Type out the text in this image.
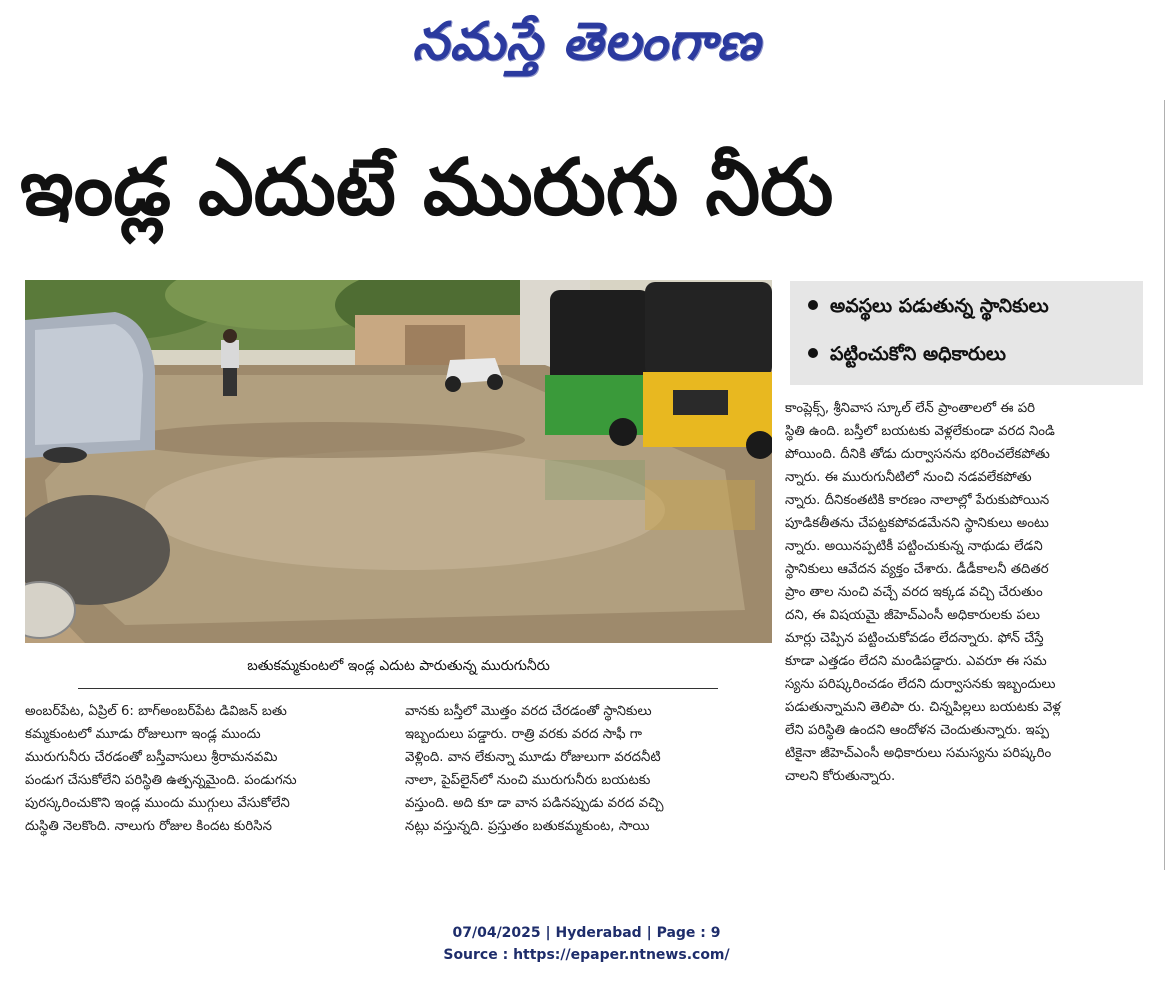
నమస్తే తెలంగాణ
ఇండ్ల ఎదుటే మురుగు నీరు
బతుకమ్మకుంటలో ఇండ్ల ఎదుట పారుతున్న మురుగునీరు
అవస్థలు పడుతున్న స్థానికులు
పట్టించుకోని అధికారులు
కాంప్లెక్స్, శ్రీనివాస స్కూల్ లేన్ ప్రాంతాలలో ఈ పరి
స్థితి ఉంది. బస్తీలో బయటకు వెళ్లలేకుండా వరద నిండి
పోయింది. దీనికి తోడు దుర్వాసనను భరించలేకపోతు
న్నారు. ఈ మురుగునీటిలో నుంచి నడవలేకపోతు
న్నారు. దీనికంతటికి కారణం నాలాల్లో పేరుకుపోయిన
పూడికతీతను చేపట్టకపోవడమేనని స్థానికులు అంటు
న్నారు. అయినప్పటికీ పట్టించుకున్న నాథుడు లేడని
స్థానికులు ఆవేదన వ్యక్తం చేశారు. డీడీకాలనీ తదితర
ప్రాం తాల నుంచి వచ్చే వరద ఇక్కడ వచ్చి చేరుతుం
దని, ఈ విషయమై జీహెచ్‌ఎంసీ అధికారులకు పలు
మార్లు చెప్పిన పట్టించుకోవడం లేదన్నారు. ఫోన్ చేస్తే
కూడా ఎత్తడం లేదని మండిపడ్డారు. ఎవరూ ఈ సమ
స్యను పరిష్కరించడం లేదని దుర్వాసనకు ఇబ్బందులు
పడుతున్నామని తెలిపా రు. చిన్నపిల్లలు బయటకు వెళ్ల
లేని పరిస్థితి ఉందని ఆందోళన చెందుతున్నారు. ఇప్ప
టికైనా జీహెచ్‌ఎంసీ అధికారులు సమస్యను పరిష్కరిం
చాలని కోరుతున్నారు.
అంబర్‌పేట, ఏప్రిల్ 6: బాగ్‌అంబర్‌పేట డివిజన్ బతు
కమ్మకుంటలో మూడు రోజులుగా ఇండ్ల ముందు
మురుగునీరు చేరడంతో బస్తీవాసులు శ్రీరామనవమి
పండుగ చేసుకోలేని పరిస్థితి ఉత్పన్నమైంది. పండుగను
పురస్కరించుకొని ఇండ్ల ముందు ముగ్గులు వేసుకోలేని
దుస్థితి నెలకొంది. నాలుగు రోజుల కిందట కురిసిన
వానకు బస్తీలో మొత్తం వరద చేరడంతో స్థానికులు
ఇబ్బందులు పడ్డారు. రాత్రి వరకు వరద సాఫీ గా
వెళ్లింది. వాన లేకున్నా మూడు రోజులుగా వరదనీటి
నాలా, పైప్‌లైన్‌లో నుంచి మురుగునీరు బయటకు
వస్తుంది. అది కూ డా వాన పడినప్పుడు వరద వచ్చి
నట్లు వస్తున్నది. ప్రస్తుతం బతుకమ్మకుంట, సాయి
07/04/2025 | Hyderabad | Page : 9
Source : https://epaper.ntnews.com/
